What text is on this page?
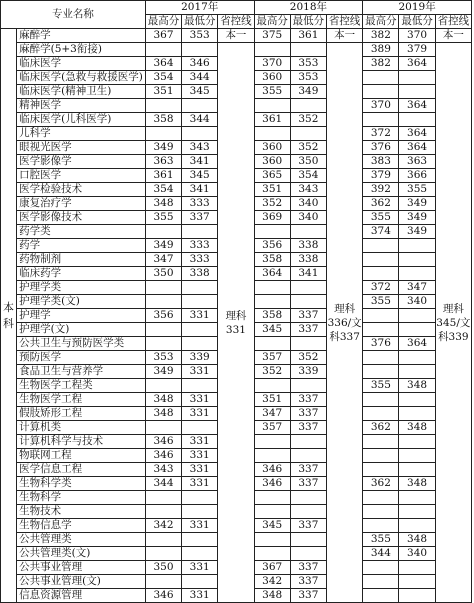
专业名称		2017年			2018年			2019年		
		最高分	最低分	省控线	最高分	最低分	省控线	最高分	最低分	省控线
本科	麻醉学	367	353	本一	375	361	本一	382	370	本一
	麻醉学(5+3衔接)			理科331			理科336/文科337	389	379	理科345/文科339
	临床医学	364	346		370	353		382	364	
	临床医学(急救与救援医学)	354	344		360	353				
	临床医学(精神卫生)	351	345		355	349				
	精神医学							370	364	
	临床医学(儿科医学)	358	344		361	352				
	儿科学							372	364	
	眼视光医学	349	343		360	352		376	364	
	医学影像学	363	341		360	350		383	363	
	口腔医学	361	345		365	354		379	366	
	医学检验技术	354	341		351	343		392	355	
	康复治疗学	348	333		352	340		362	349	
	医学影像技术	355	337		369	340		355	349	
	药学类							374	349	
	药学	349	333		356	338				
	药物制剂	347	333		358	338				
	临床药学	350	338		364	341				
	护理学类							372	347	
	护理学类(文)							355	340	
	护理学	356	331		358	337				
	护理学(文)				345	337				
	公共卫生与预防医学类							376	364	
	预防医学	353	339		357	352				
	食品卫生与营养学	349	331		352	339				
	生物医学工程类							355	348	
	生物医学工程	348	331		351	337				
	假肢矫形工程	348	331		347	337				
	计算机类				357	337		362	348	
	计算机科学与技术	346	331							
	物联网工程	346	331							
	医学信息工程	343	331		346	337				
	生物科学类	344	331		346	337		362	348	
	生物科学									
	生物技术									
	生物信息学	342	331		345	337				
	公共管理类							355	348	
	公共管理类(文)							344	340	
	公共事业管理	350	331		367	337				
	公共事业管理(文)				342	337				
	信息资源管理	346	331		348	337				
